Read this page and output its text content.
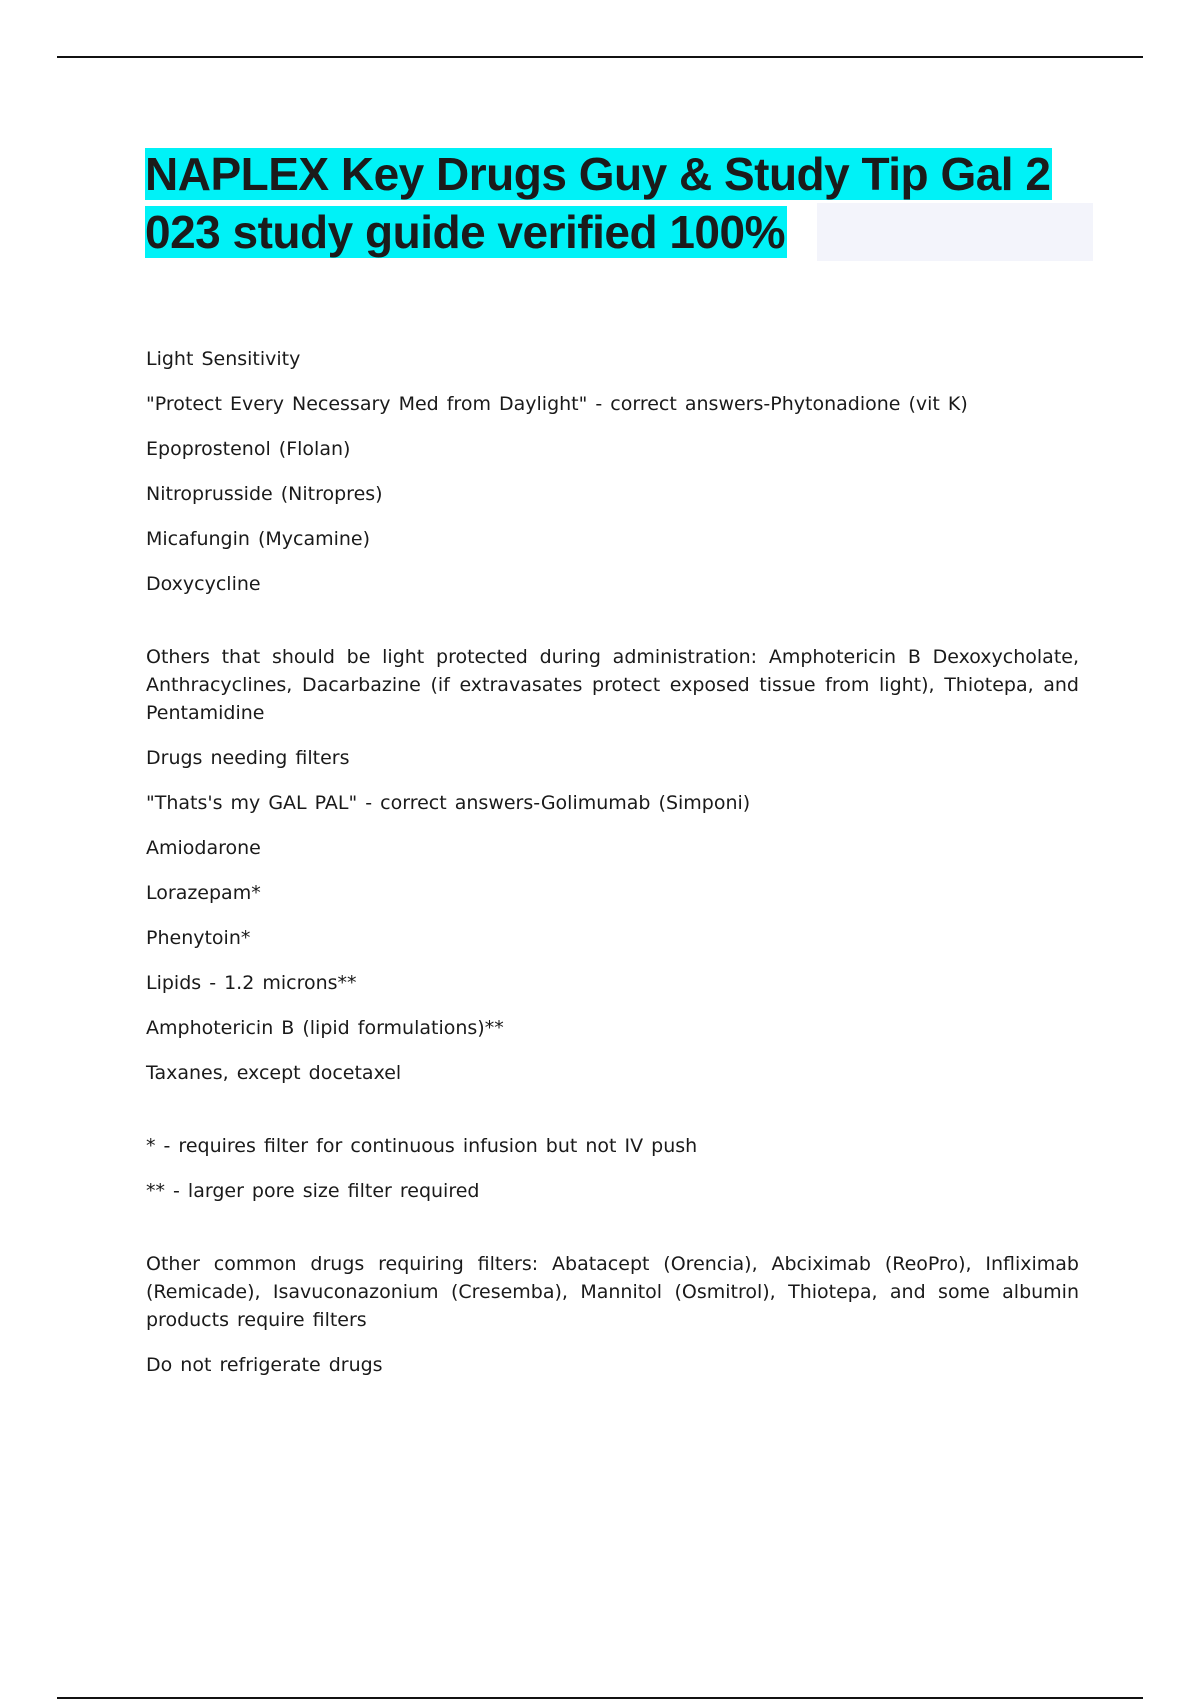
NAPLEX Key Drugs Guy & Study Tip Gal 2
023 study guide verified 100%

Light Sensitivity

"Protect Every Necessary Med from Daylight" - correct answers-Phytonadione (vit K)

Epoprostenol (Flolan)

Nitroprusside (Nitropres)

Micafungin (Mycamine)

Doxycycline

Others that should be light protected during administration: Amphotericin B Dexoxycholate, Anthracyclines, Dacarbazine (if extravasates protect exposed tissue from light), Thiotepa, and Pentamidine

Drugs needing filters

"Thats's my GAL PAL" - correct answers-Golimumab (Simponi)

Amiodarone

Lorazepam*

Phenytoin*

Lipids - 1.2 microns**

Amphotericin B (lipid formulations)**

Taxanes, except docetaxel

* - requires filter for continuous infusion but not IV push

** - larger pore size filter required

Other common drugs requiring filters: Abatacept (Orencia), Abciximab (ReoPro), Infliximab (Remicade), Isavuconazonium (Cresemba), Mannitol (Osmitrol), Thiotepa, and some albumin products require filters

Do not refrigerate drugs
